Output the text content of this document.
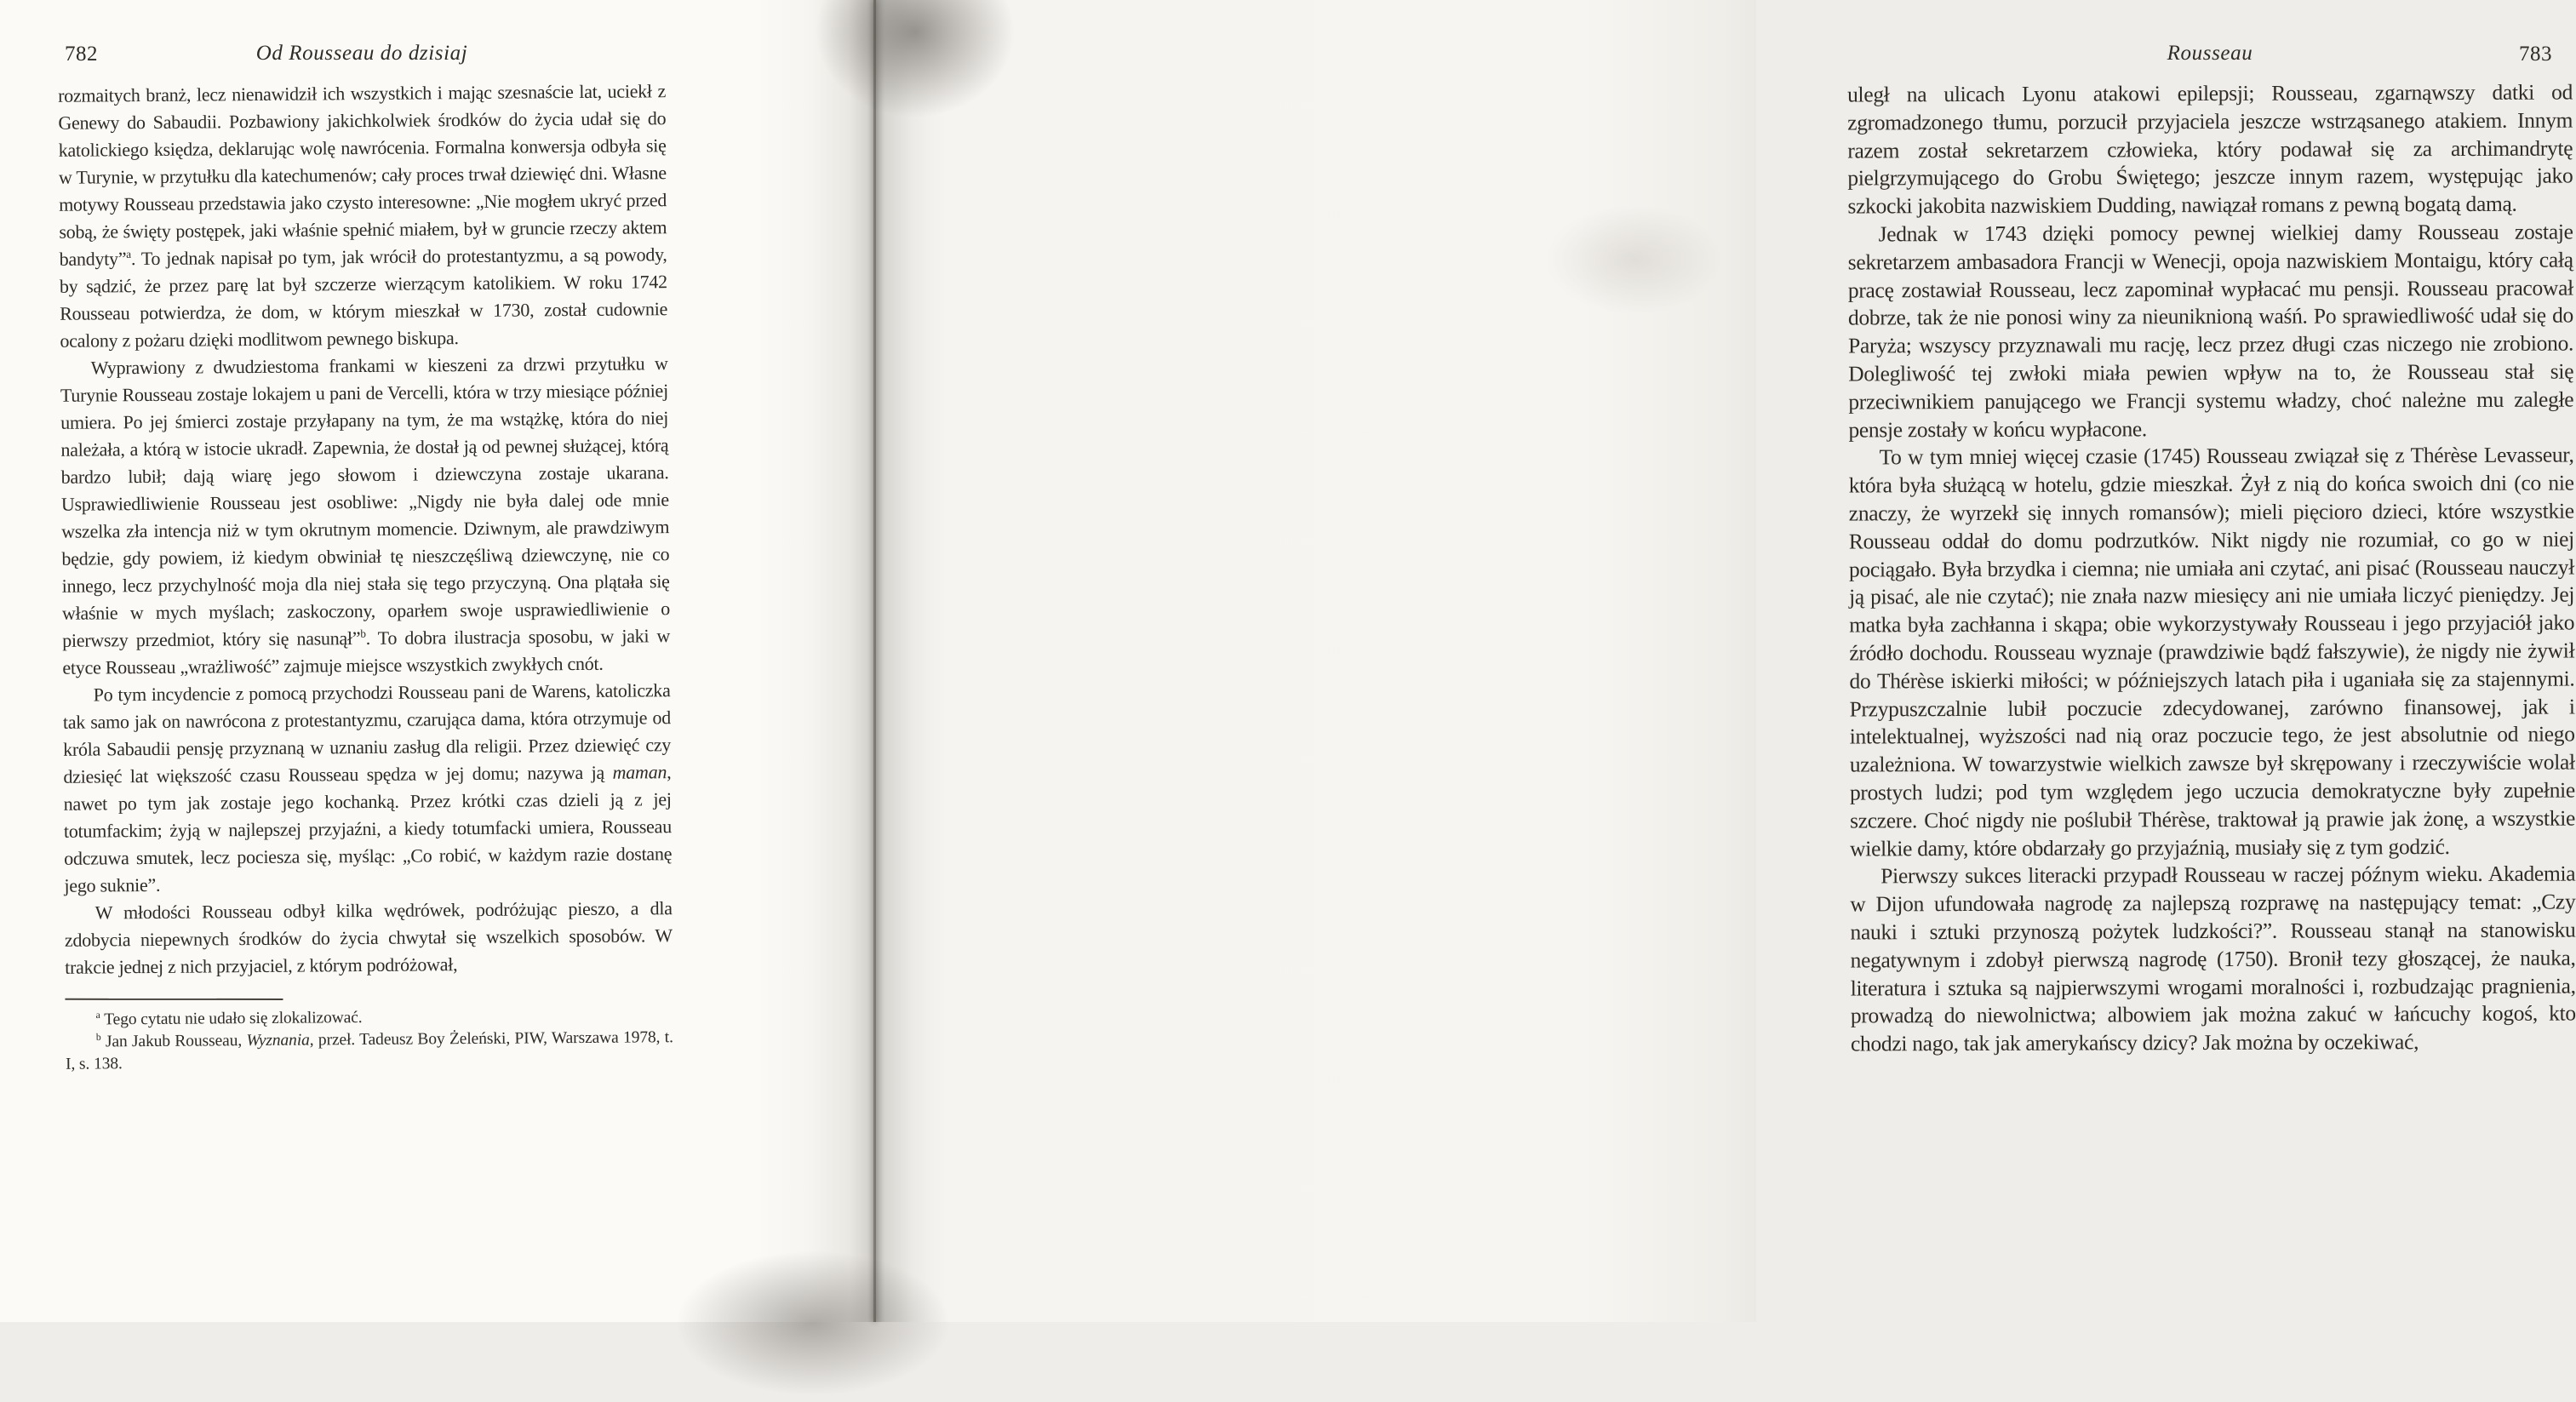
782	Od Rousseau do dzisiaj

rozmaitych branż, lecz nienawidził ich wszystkich i mając szesnaście lat, uciekł z Genewy do Sabaudii. Pozbawiony jakichkolwiek środków do życia udał się do katolickiego księdza, deklarując wolę nawrócenia. Formalna konwersja odbyła się w Turynie, w przytułku dla katechumenów; cały proces trwał dziewięć dni. Własne motywy Rousseau przedstawia jako czysto interesowne: „Nie mogłem ukryć przed sobą, że święty postępek, jaki właśnie spełnić miałem, był w gruncie rzeczy aktem bandyty”$^a$. To jednak napisał po tym, jak wrócił do protestantyzmu, a są powody, by sądzić, że przez parę lat był szczerze wierzącym katolikiem. W roku 1742 Rousseau potwierdza, że dom, w którym mieszkał w 1730, został cudownie ocalony z pożaru dzięki modlitwom pewnego biskupa.

Wyprawiony z dwudziestoma frankami w kieszeni za drzwi przytułku w Turynie Rousseau zostaje lokajem u pani de Vercelli, która w trzy miesiące później umiera. Po jej śmierci zostaje przyłapany na tym, że ma wstążkę, która do niej należała, a którą w istocie ukradł. Zapewnia, że dostał ją od pewnej służącej, którą bardzo lubił; dają wiarę jego słowom i dziewczyna zostaje ukarana. Usprawiedliwienie Rousseau jest osobliwe: „Nigdy nie była dalej ode mnie wszelka zła intencja niż w tym okrutnym momencie. Dziwnym, ale prawdziwym będzie, gdy powiem, iż kiedym obwiniał tę nieszczęśliwą dziewczynę, nie co innego, lecz przychylność moja dla niej stała się tego przyczyną. Ona plątała się właśnie w mych myślach; zaskoczony, oparłem swoje usprawiedliwienie o pierwszy przedmiot, który się nasunął”$^b$. To dobra ilustracja sposobu, w jaki w etyce Rousseau „wrażliwość” zajmuje miejsce wszystkich zwykłych cnót.

Po tym incydencie z pomocą przychodzi Rousseau pani de Warens, katoliczka tak samo jak on nawrócona z protestantyzmu, czarująca dama, która otrzymuje od króla Sabaudii pensję przyznaną w uznaniu zasług dla religii. Przez dziewięć czy dziesięć lat większość czasu Rousseau spędza w jej domu; nazywa ją maman, nawet po tym jak zostaje jego kochanką. Przez krótki czas dzieli ją z jej totumfackim; żyją w najlepszej przyjaźni, a kiedy totumfacki umiera, Rousseau odczuwa smutek, lecz pociesza się, myśląc: „Co robić, w każdym razie dostanę jego suknie”.

W młodości Rousseau odbył kilka wędrówek, podróżując pieszo, a dla zdobycia niepewnych środków do życia chwytał się wszelkich sposobów. W trakcie jednej z nich przyjaciel, z którym podróżował,

$^a$ Tego cytatu nie udało się zlokalizować.

$^b$ Jan Jakub Rousseau, Wyznania, przeł. Tadeusz Boy Żeleński, PIW, Warszawa 1978, t. I, s. 138.

Rousseau	783

uległ na ulicach Lyonu atakowi epilepsji; Rousseau, zgarnąwszy datki od zgromadzonego tłumu, porzucił przyjaciela jeszcze wstrząsanego atakiem. Innym razem został sekretarzem człowieka, który podawał się za archimandrytę pielgrzymującego do Grobu Świętego; jeszcze innym razem, występując jako szkocki jakobita nazwiskiem Dudding, nawiązał romans z pewną bogatą damą.

Jednak w 1743 dzięki pomocy pewnej wielkiej damy Rousseau zostaje sekretarzem ambasadora Francji w Wenecji, opoja nazwiskiem Montaigu, który całą pracę zostawiał Rousseau, lecz zapominał wypłacać mu pensji. Rousseau pracował dobrze, tak że nie ponosi winy za nieuniknioną waśń. Po sprawiedliwość udał się do Paryża; wszyscy przyznawali mu rację, lecz przez długi czas niczego nie zrobiono. Dolegliwość tej zwłoki miała pewien wpływ na to, że Rousseau stał się przeciwnikiem panującego we Francji systemu władzy, choć należne mu zaległe pensje zostały w końcu wypłacone.

To w tym mniej więcej czasie (1745) Rousseau związał się z Thérèse Levasseur, która była służącą w hotelu, gdzie mieszkał. Żył z nią do końca swoich dni (co nie znaczy, że wyrzekł się innych romansów); mieli pięcioro dzieci, które wszystkie Rousseau oddał do domu podrzutków. Nikt nigdy nie rozumiał, co go w niej pociągało. Była brzydka i ciemna; nie umiała ani czytać, ani pisać (Rousseau nauczył ją pisać, ale nie czytać); nie znała nazw miesięcy ani nie umiała liczyć pieniędzy. Jej matka była zachłanna i skąpa; obie wykorzystywały Rousseau i jego przyjaciół jako źródło dochodu. Rousseau wyznaje (prawdziwie bądź fałszywie), że nigdy nie żywił do Thérèse iskierki miłości; w późniejszych latach piła i uganiała się za stajennymi. Przypuszczalnie lubił poczucie zdecydowanej, zarówno finansowej, jak i intelektualnej, wyższości nad nią oraz poczucie tego, że jest absolutnie od niego uzależniona. W towarzystwie wielkich zawsze był skrępowany i rzeczywiście wolał prostych ludzi; pod tym względem jego uczucia demokratyczne były zupełnie szczere. Choć nigdy nie poślubił Thérèse, traktował ją prawie jak żonę, a wszystkie wielkie damy, które obdarzały go przyjaźnią, musiały się z tym godzić.

Pierwszy sukces literacki przypadł Rousseau w raczej późnym wieku. Akademia w Dijon ufundowała nagrodę za najlepszą rozprawę na następujący temat: „Czy nauki i sztuki przynoszą pożytek ludzkości?”. Rousseau stanął na stanowisku negatywnym i zdobył pierwszą nagrodę (1750). Bronił tezy głoszącej, że nauka, literatura i sztuka są najpierwszymi wrogami moralności i, rozbudzając pragnienia, prowadzą do niewolnictwa; albowiem jak można zakuć w łańcuchy kogoś, kto chodzi nago, tak jak amerykańscy dzicy? Jak można by oczekiwać,
